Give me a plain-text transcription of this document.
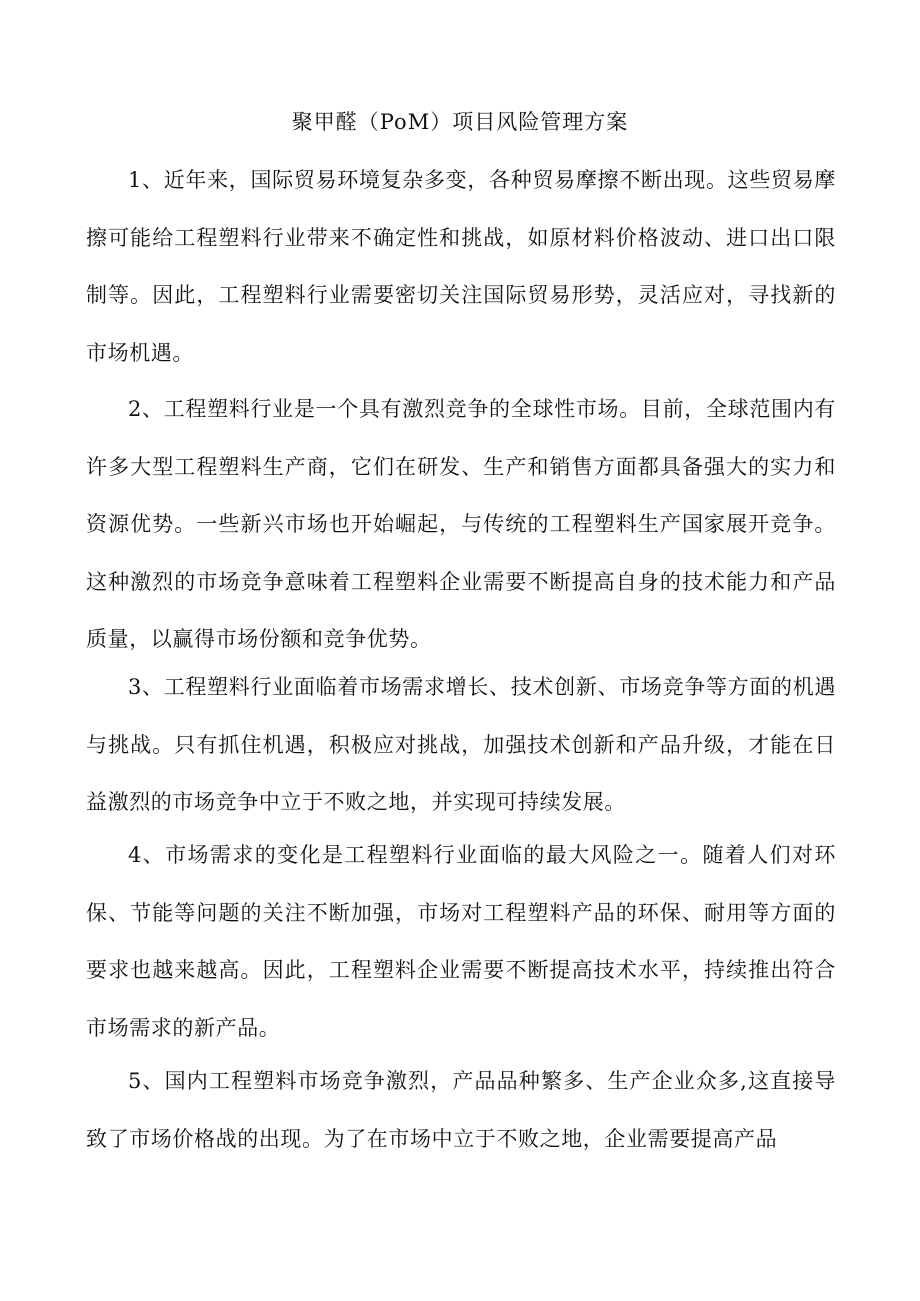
聚甲醛（PoM）项目风险管理方案

1、近年来，国际贸易环境复杂多变，各种贸易摩擦不断出现。这些贸易摩擦可能给工程塑料行业带来不确定性和挑战，如原材料价格波动、进口出口限制等。因此，工程塑料行业需要密切关注国际贸易形势，灵活应对，寻找新的市场机遇。

2、工程塑料行业是一个具有激烈竞争的全球性市场。目前，全球范围内有许多大型工程塑料生产商，它们在研发、生产和销售方面都具备强大的实力和资源优势。一些新兴市场也开始崛起，与传统的工程塑料生产国家展开竞争。这种激烈的市场竞争意味着工程塑料企业需要不断提高自身的技术能力和产品质量，以赢得市场份额和竞争优势。

3、工程塑料行业面临着市场需求增长、技术创新、市场竞争等方面的机遇与挑战。只有抓住机遇，积极应对挑战，加强技术创新和产品升级，才能在日益激烈的市场竞争中立于不败之地，并实现可持续发展。

4、市场需求的变化是工程塑料行业面临的最大风险之一。随着人们对环保、节能等问题的关注不断加强，市场对工程塑料产品的环保、耐用等方面的要求也越来越高。因此，工程塑料企业需要不断提高技术水平，持续推出符合市场需求的新产品。

5、国内工程塑料市场竞争激烈，产品品种繁多、生产企业众多,这直接导致了市场价格战的出现。为了在市场中立于不败之地，企业需要提高产品
